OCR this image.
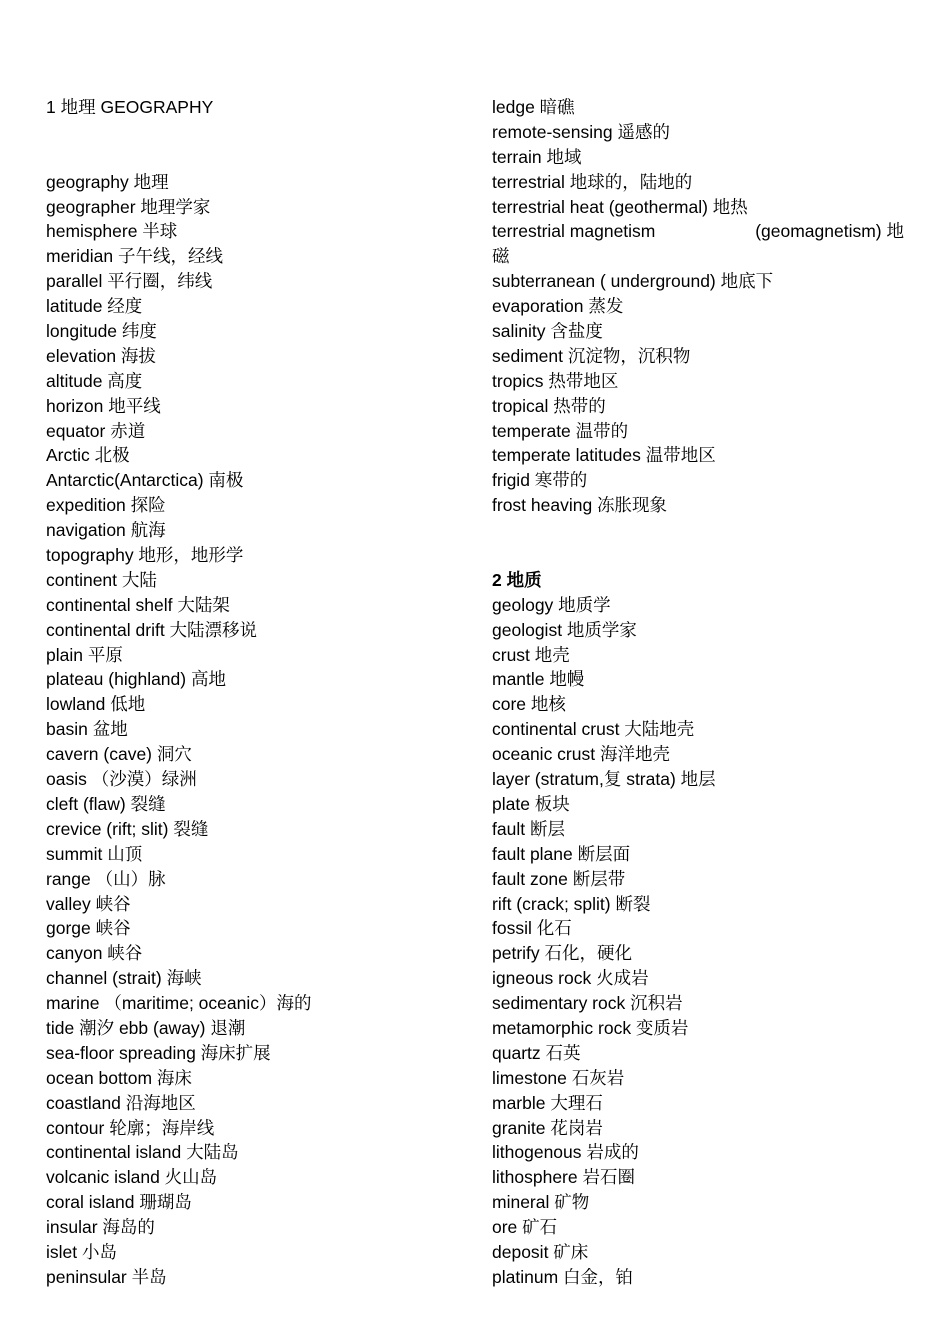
1 地理 GEOGRAPHY
geography 地理
geographer 地理学家
hemisphere 半球
meridian 子午线，经线
parallel 平行圈，纬线
latitude 经度
longitude 纬度
elevation 海拔
altitude 高度
horizon 地平线
equator 赤道
Arctic 北极
Antarctic(Antarctica) 南极
expedition 探险
navigation 航海
topography 地形，地形学
continent 大陆
continental shelf 大陆架
continental drift 大陆漂移说
plain 平原
plateau (highland) 高地
lowland 低地
basin 盆地
cavern (cave) 洞穴
oasis （沙漠）绿洲
cleft (flaw) 裂缝
crevice (rift; slit) 裂缝
summit 山顶
range （山）脉
valley 峡谷
gorge 峡谷
canyon 峡谷
channel (strait) 海峡
marine （maritime; oceanic）海的
tide 潮汐 ebb (away) 退潮
sea-floor spreading 海床扩展
ocean bottom 海床
coastland 沿海地区
contour 轮廓；海岸线
continental island 大陆岛
volcanic island 火山岛
coral island 珊瑚岛
insular 海岛的
islet 小岛
peninsular 半岛
ledge 暗礁
remote-sensing 遥感的
terrain 地域
terrestrial 地球的，陆地的
terrestrial heat (geothermal) 地热
terrestrial magnetism	(geomagnetism) 地
磁
subterranean ( underground) 地底下
evaporation 蒸发
salinity 含盐度
sediment 沉淀物，沉积物
tropics 热带地区
tropical 热带的
temperate 温带的
temperate latitudes 温带地区
frigid 寒带的
frost heaving 冻胀现象
2 地质
geology 地质学
geologist 地质学家
crust 地壳
mantle 地幔
core 地核
continental crust 大陆地壳
oceanic crust 海洋地壳
layer (stratum,复 strata) 地层
plate 板块
fault 断层
fault plane 断层面
fault zone 断层带
rift (crack; split) 断裂
fossil 化石
petrify 石化，硬化
igneous rock 火成岩
sedimentary rock 沉积岩
metamorphic rock 变质岩
quartz 石英
limestone 石灰岩
marble 大理石
granite 花岗岩
lithogenous 岩成的
lithosphere 岩石圈
mineral 矿物
ore 矿石
deposit 矿床
platinum 白金，铂
